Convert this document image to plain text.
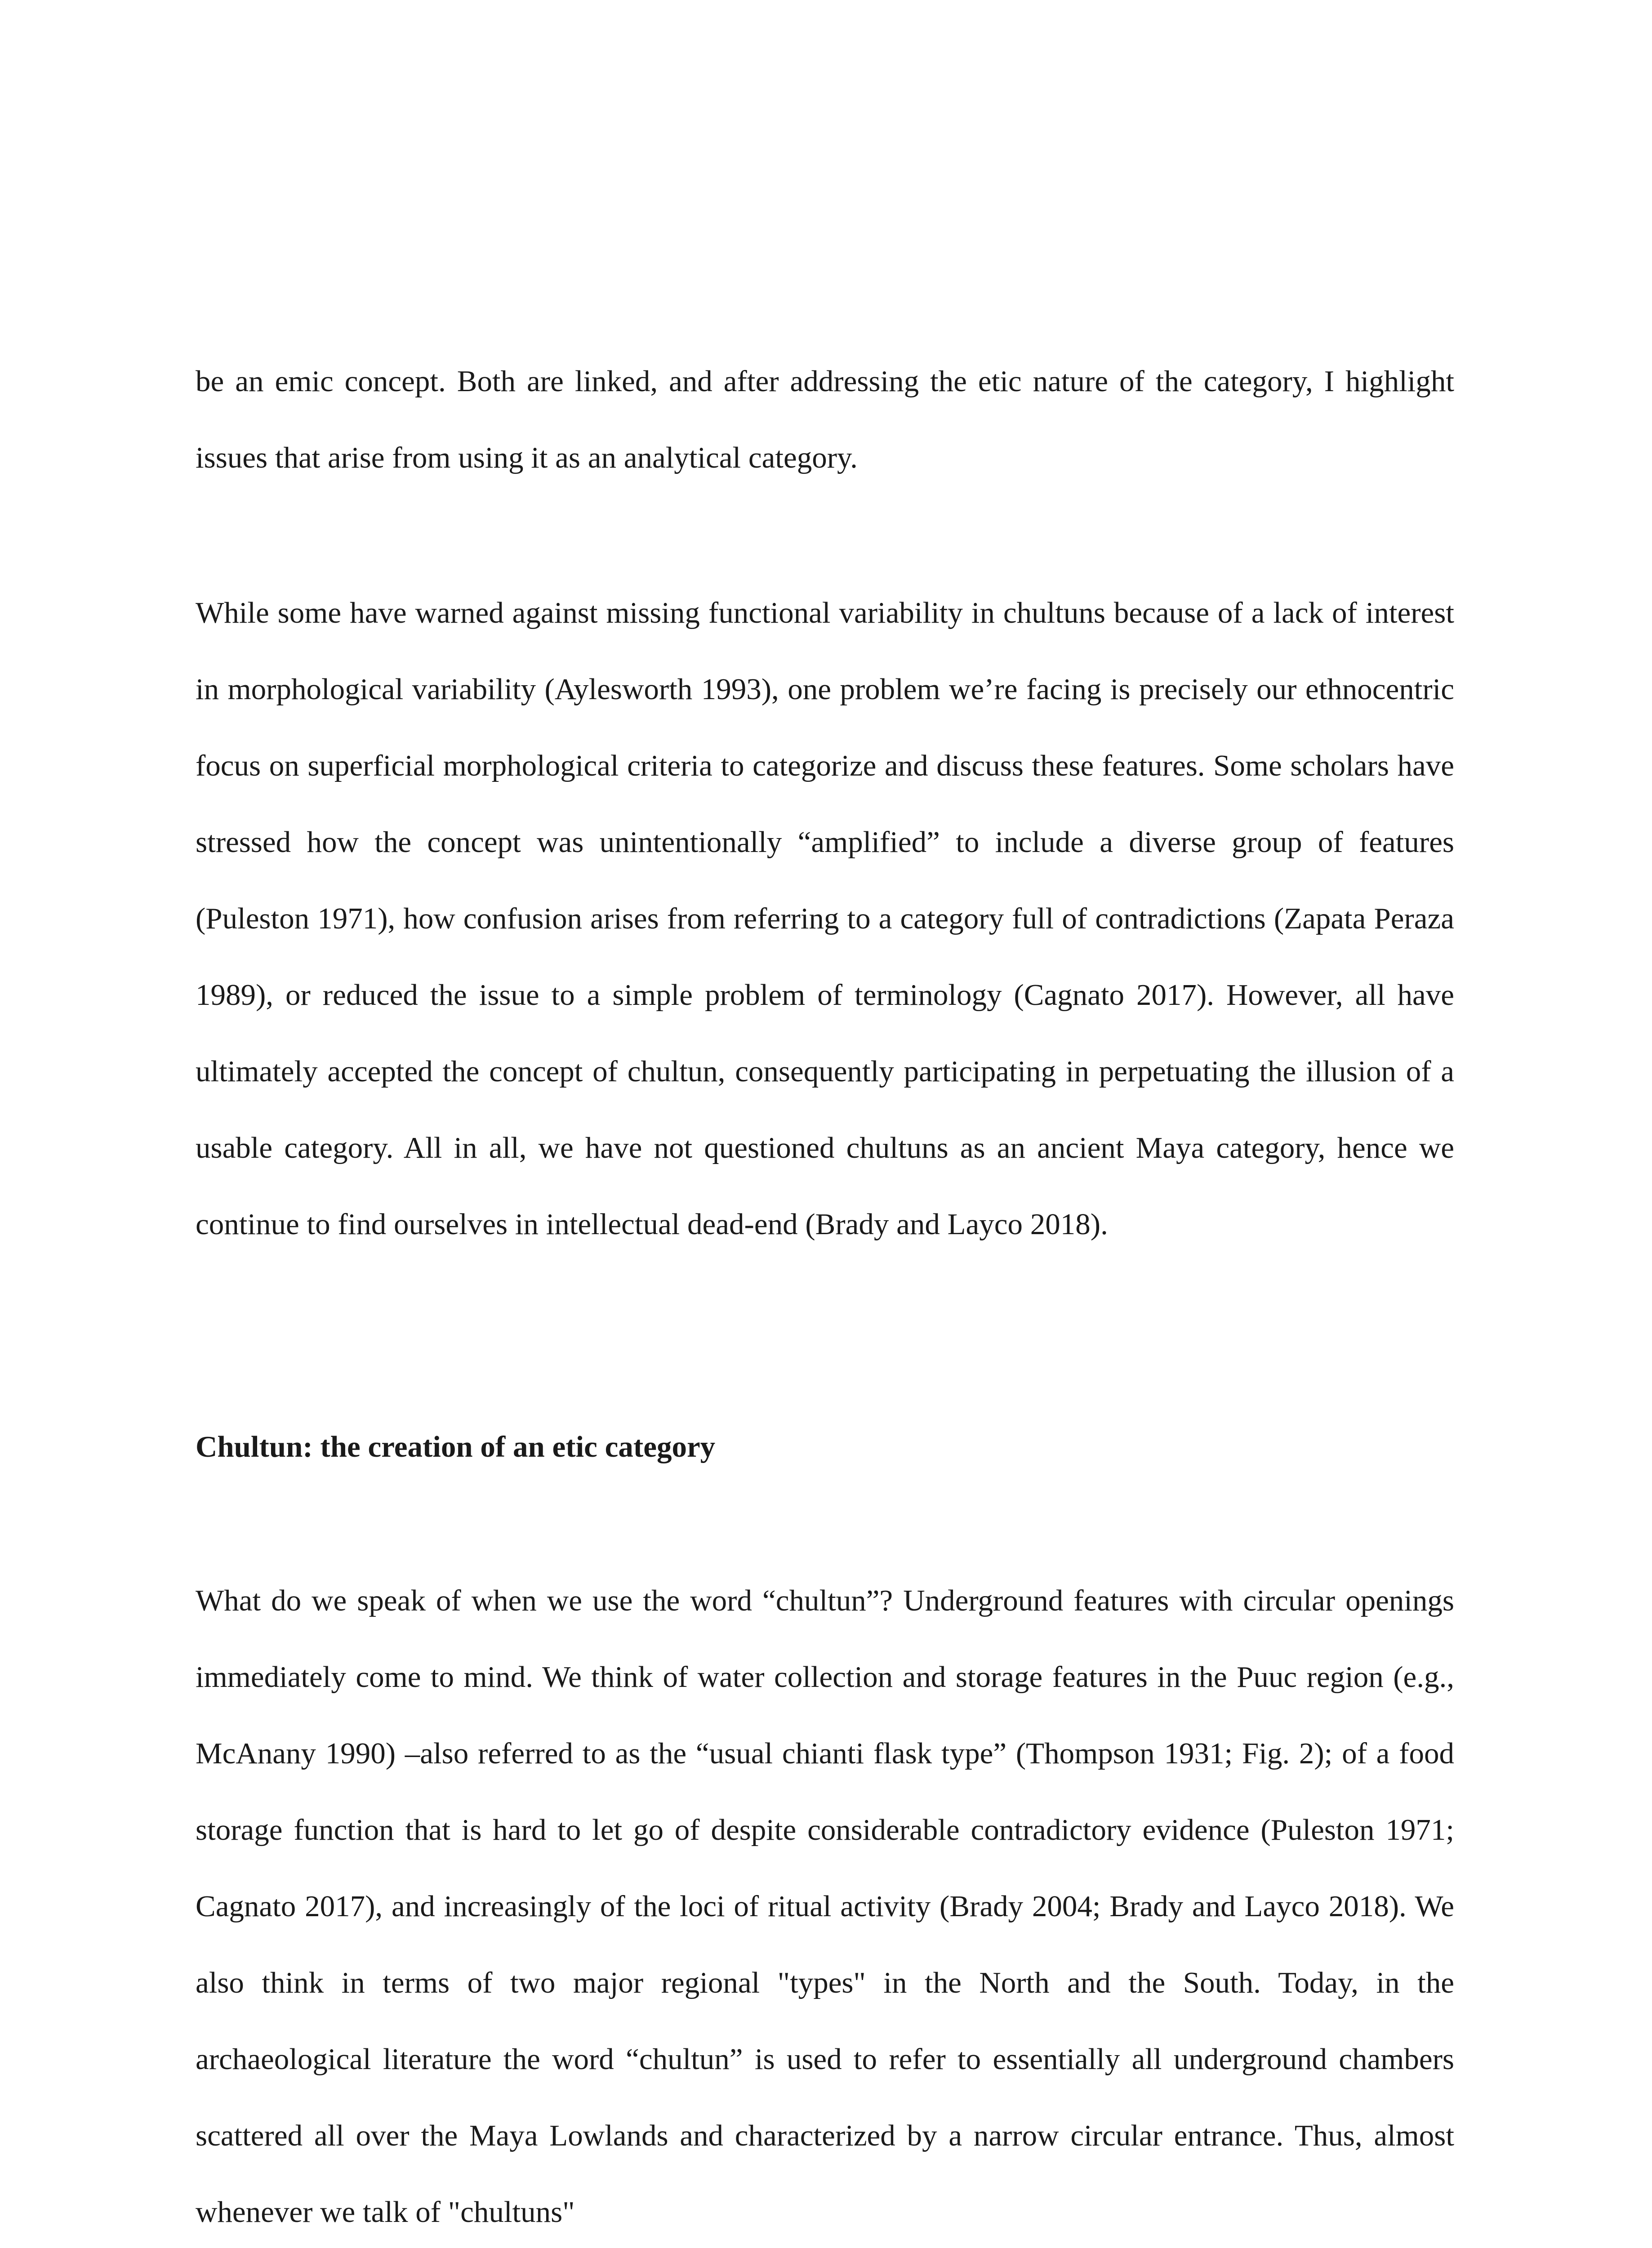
be an emic concept. Both are linked, and after addressing the etic nature of the category, I highlight issues that arise from using it as an analytical category.

While some have warned against missing functional variability in chultuns because of a lack of interest in morphological variability (Aylesworth 1993), one problem we’re facing is precisely our ethnocentric focus on superficial morphological criteria to categorize and discuss these features. Some scholars have stressed how the concept was unintentionally “amplified” to include a diverse group of features (Puleston 1971), how confusion arises from referring to a category full of contradictions (Zapata Peraza 1989), or reduced the issue to a simple problem of terminology (Cagnato 2017). However, all have ultimately accepted the concept of chultun, consequently participating in perpetuating the illusion of a usable category. All in all, we have not questioned chultuns as an ancient Maya category, hence we continue to find ourselves in intellectual dead-end (Brady and Layco 2018).

Chultun: the creation of an etic category

What do we speak of when we use the word “chultun”? Underground features with circular openings immediately come to mind. We think of water collection and storage features in the Puuc region (e.g., McAnany 1990) –also referred to as the “usual chianti flask type” (Thompson 1931; Fig. 2); of a food storage function that is hard to let go of despite considerable contradictory evidence (Puleston 1971; Cagnato 2017), and increasingly of the loci of ritual activity (Brady 2004; Brady and Layco 2018). We also think in terms of two major regional "types" in the North and the South. Today, in the archaeological literature the word “chultun” is used to refer to essentially all underground chambers scattered all over the Maya Lowlands and characterized by a narrow circular entrance. Thus, almost whenever we talk of "chultuns"
